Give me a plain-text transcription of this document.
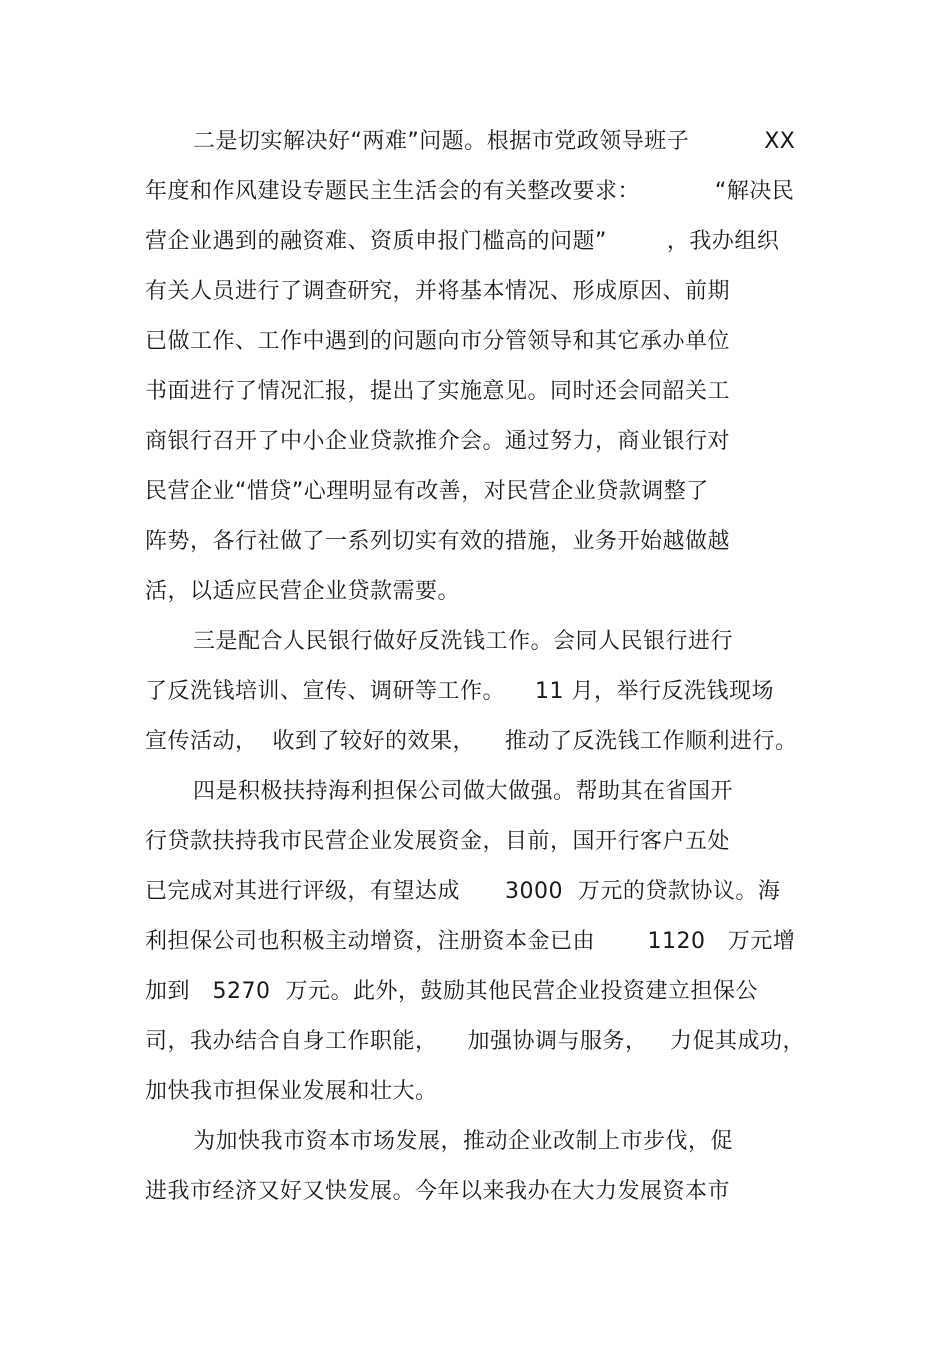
二是切实解决好“两难”问题。根据市党政领导班子          XX
年度和作风建设专题民主生活会的有关整改要求：          “解决民
营企业遇到的融资难、资质申报门槛高的问题”        ，我办组织
有关人员进行了调查研究，并将基本情况、形成原因、前期
已做工作、工作中遇到的问题向市分管领导和其它承办单位
书面进行了情况汇报，提出了实施意见。同时还会同韶关工
商银行召开了中小企业贷款推介会。通过努力，商业银行对
民营企业“惜贷”心理明显有改善，对民营企业贷款调整了
阵势，各行社做了一系列切实有效的措施，业务开始越做越
活，以适应民营企业贷款需要。
三是配合人民银行做好反洗钱工作。会同人民银行进行
了反洗钱培训、宣传、调研等工作。    11 月，举行反洗钱现场
宣传活动，  收到了较好的效果，    推动了反洗钱工作顺利进行。
四是积极扶持海利担保公司做大做强。帮助其在省国开
行贷款扶持我市民营企业发展资金，目前，国开行客户五处
已完成对其进行评级，有望达成      3000  万元的贷款协议。海
利担保公司也积极主动增资，注册资本金已由       1120   万元增
加到   5270  万元。此外，鼓励其他民营企业投资建立担保公
司，我办结合自身工作职能，    加强协调与服务，   力促其成功，
加快我市担保业发展和壮大。
为加快我市资本市场发展，推动企业改制上市步伐，促
进我市经济又好又快发展。今年以来我办在大力发展资本市
